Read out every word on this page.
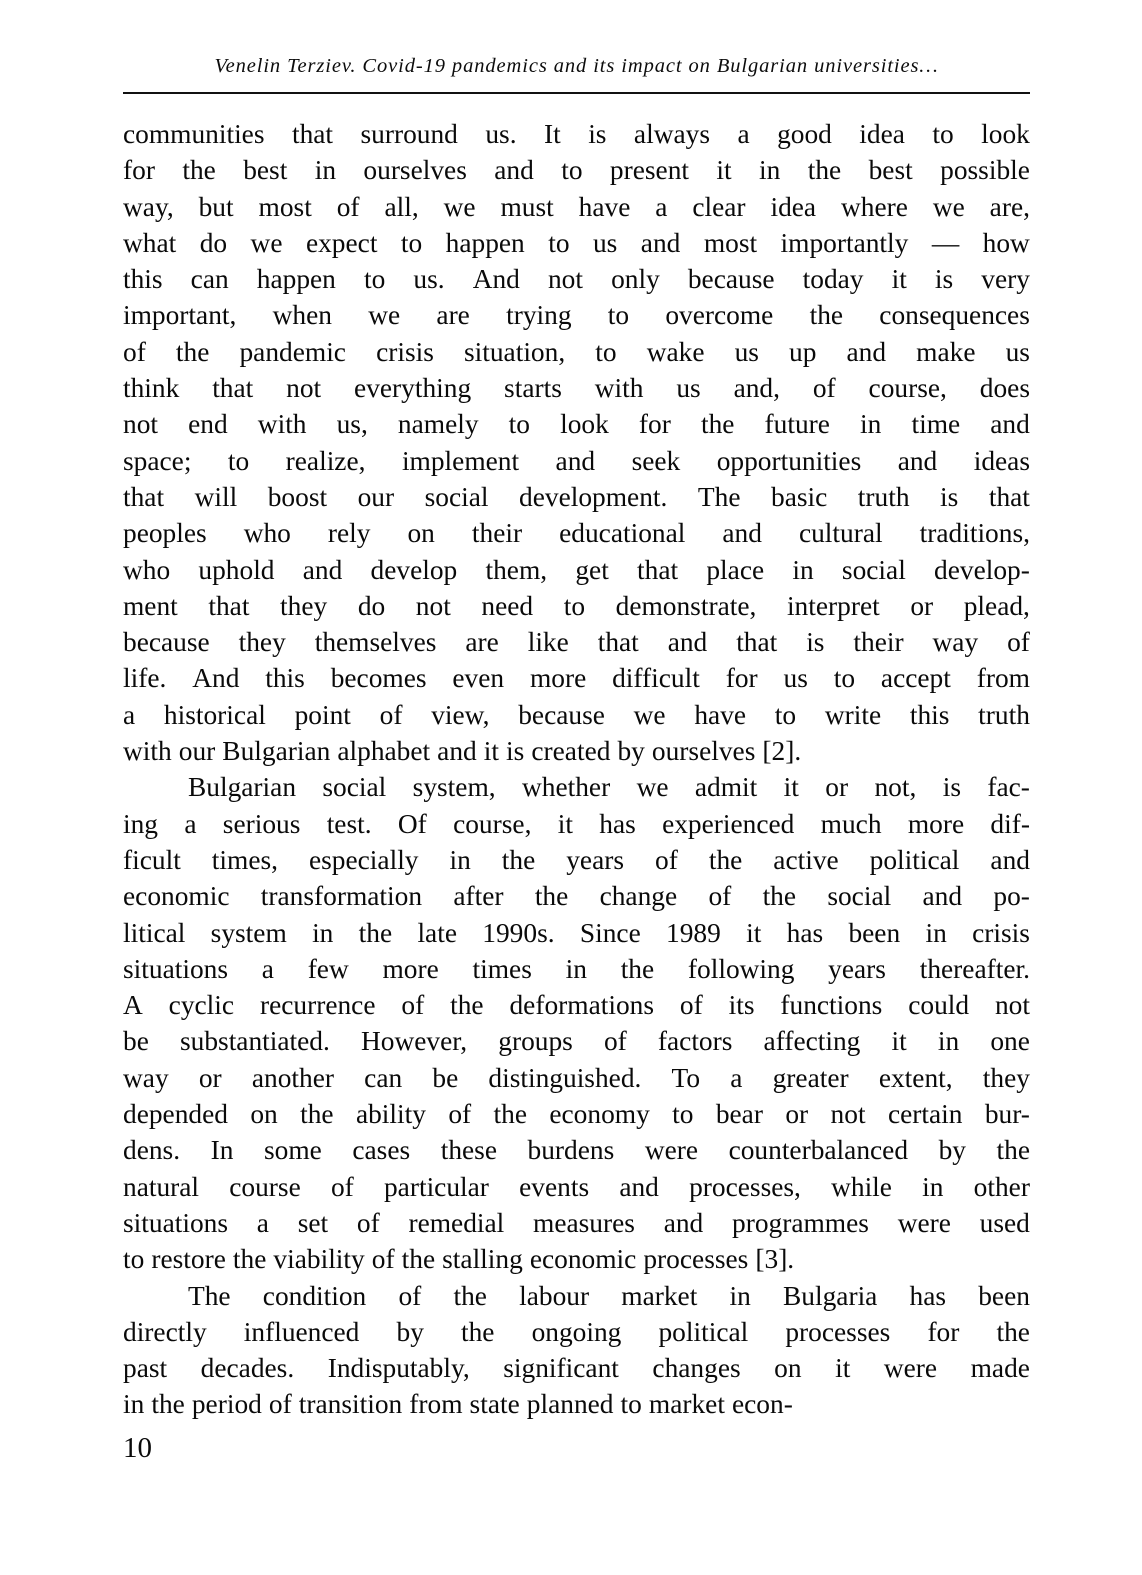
Venelin Terziev. Covid-19 pandemics and its impact on Bulgarian universities…

communities that surround us. It is always a good idea to look
for the best in ourselves and to present it in the best possible
way, but most of all, we must have a clear idea where we are,
what do we expect to happen to us and most importantly — how
this can happen to us. And not only because today it is very
important, when we are trying to overcome the consequences
of the pandemic crisis situation, to wake us up and make us
think that not everything starts with us and, of course, does
not end with us, namely to look for the future in time and
space; to realize, implement and seek opportunities and ideas
that will boost our social development. The basic truth is that
peoples who rely on their educational and cultural traditions,
who uphold and develop them, get that place in social develop-
ment that they do not need to demonstrate, interpret or plead,
because they themselves are like that and that is their way of
life. And this becomes even more difficult for us to accept from
a historical point of view, because we have to write this truth
with our Bulgarian alphabet and it is created by ourselves [2].

Bulgarian social system, whether we admit it or not, is fac-
ing a serious test. Of course, it has experienced much more dif-
ficult times, especially in the years of the active political and
economic transformation after the change of the social and po-
litical system in the late 1990s. Since 1989 it has been in crisis
situations a few more times in the following years thereafter.
A cyclic recurrence of the deformations of its functions could not
be substantiated. However, groups of factors affecting it in one
way or another can be distinguished. To a greater extent, they
depended on the ability of the economy to bear or not certain bur-
dens. In some cases these burdens were counterbalanced by the
natural course of particular events and processes, while in other
situations a set of remedial measures and programmes were used
to restore the viability of the stalling economic processes [3].

The condition of the labour market in Bulgaria has been
directly influenced by the ongoing political processes for the
past decades. Indisputably, significant changes on it were made
in the period of transition from state planned to market econ-

10
